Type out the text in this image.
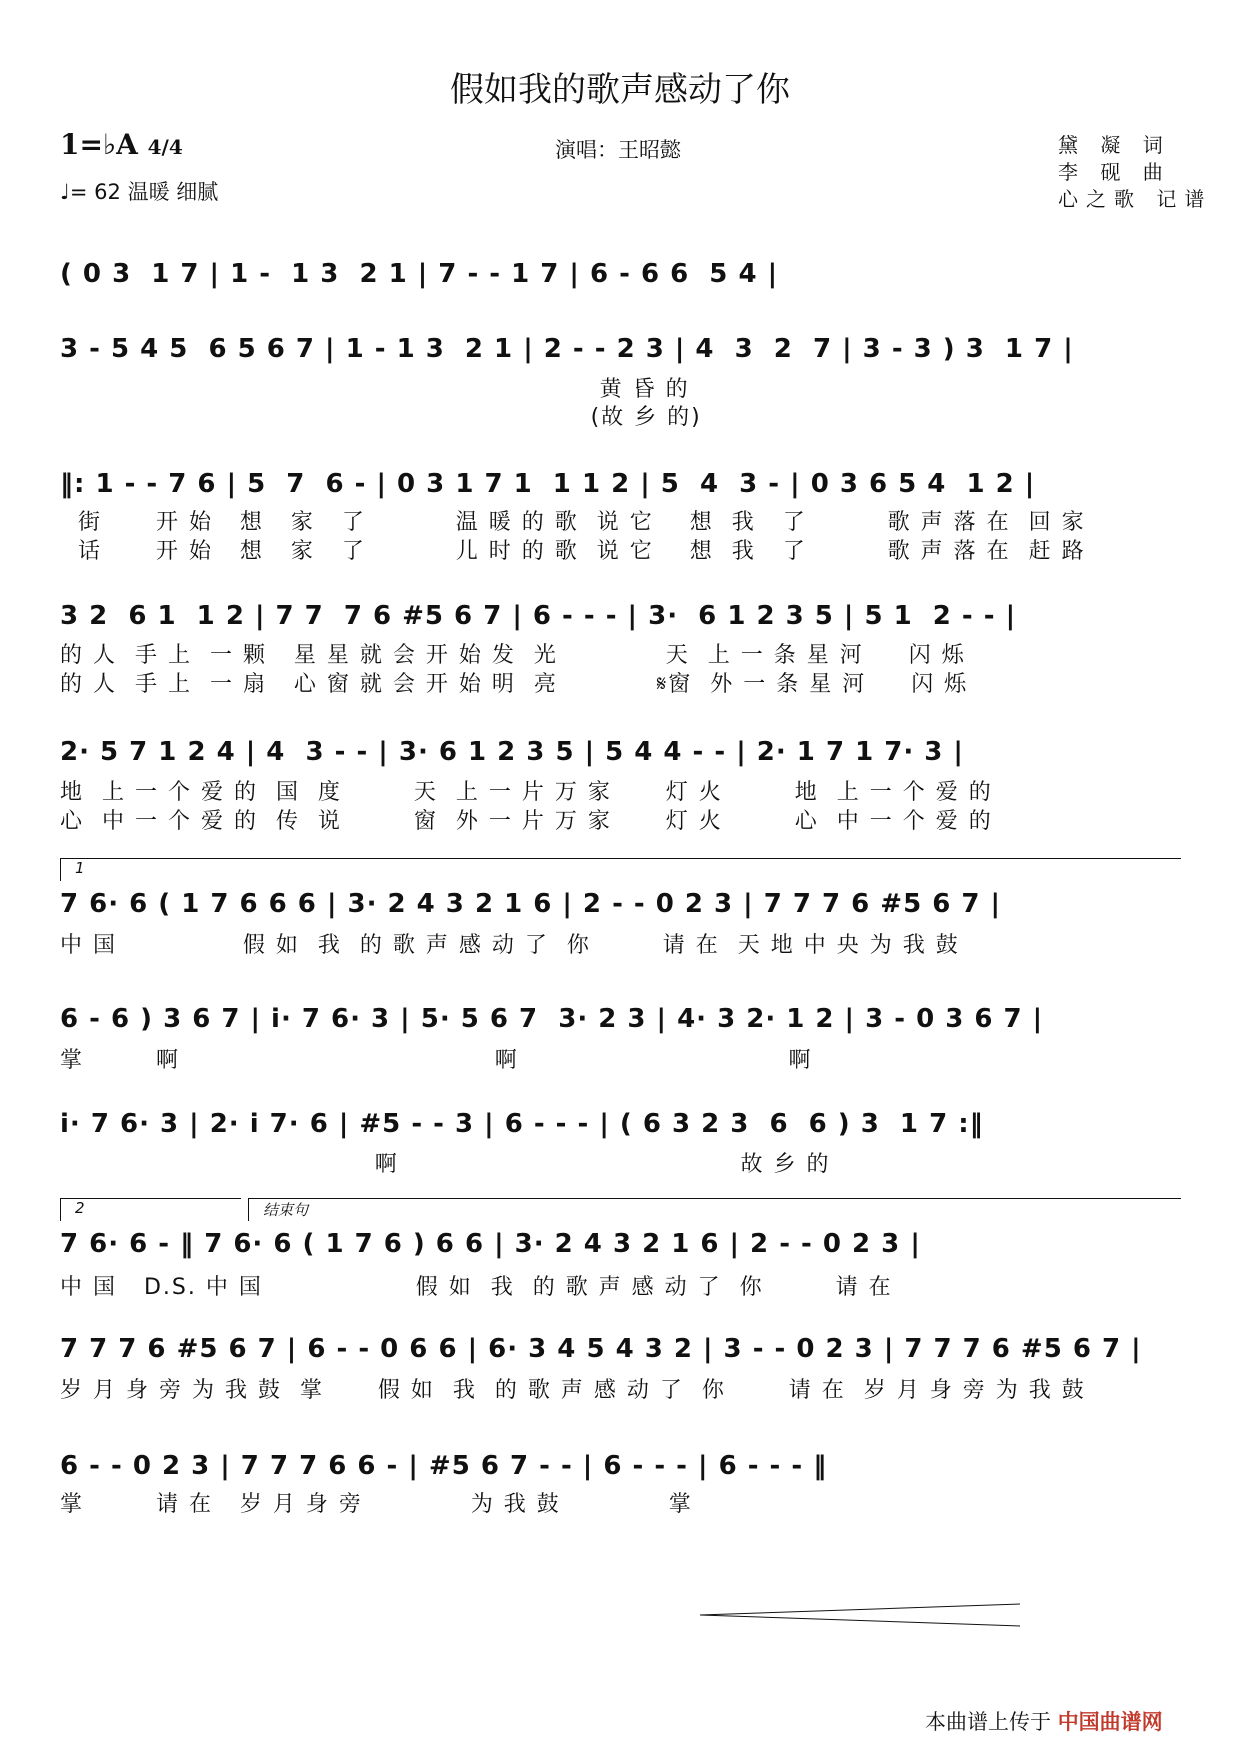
假如我的歌声感动了你
1=♭A 4/4
♩= 62 温暖 细腻
演唱：王昭懿	黛 凝 词
李 砚 曲
心之歌 记谱
( 0 3  1 7 | 1 -  1 3  2 1 | 7 - - 1 7 | 6 - 6 6  5 4 |
3 - 5 4 5  6 5 6 7 | 1 - 1 3  2 1 | 2 - - 2 3 | 4  3  2  7 | 3 - 3 ) 3  1 7 |
黄 昏 的
(故 乡 的)
‖: 1 - - 7 6 | 5  7  6 - | 0 3 1 7 1  1 1 2 | 5  4  3 - | 0 3 6 5 4  1 2 |
街      开 始   想   家   了          温 暖 的 歌  说 它    想  我   了         歌 声 落 在  回 家
话      开 始   想   家   了          儿 时 的 歌  说 它    想  我   了         歌 声 落 在  赶 路
3 2  6 1  1 2 | 7 7  7 6 #5 6 7 | 6 - - - | 3·  6 1 2 3 5 | 5 1  2 - - |
的 人  手 上  一 颗   星 星 就 会 开 始 发  光            天  上 一 条 星 河     闪 烁
的 人  手 上  一 扇   心 窗 就 会 开 始 明  亮           𝄋窗  外 一 条 星 河     闪 烁
2· 5 7 1 2 4 | 4  3 - - | 3· 6 1 2 3 5 | 5 4 4 - - | 2· 1 7 1 7· 3 |
地  上 一 个 爱 的  国  度        天  上 一 片 万 家      灯 火        地  上 一 个 爱 的
心  中 一 个 爱 的  传  说        窗  外 一 片 万 家      灯 火        心  中 一 个 爱 的
1
7 6· 6 ( 1 7 6 6 6 | 3· 2 4 3 2 1 6 | 2 - - 0 2 3 | 7 7 7 6 #5 6 7 |
中 国              假 如  我  的 歌 声 感 动 了  你        请 在  天 地 中 央 为 我 鼓
6 - 6 ) 3 6 7 | i· 7 6· 3 | 5· 5 6 7  3· 2 3 | 4· 3 2· 1 2 | 3 - 0 3 6 7 |
掌        啊                                   啊                              啊
i· 7 6· 3 | 2· i 7· 6 | #5 - - 3 | 6 - - - | ( 6 3 2 3  6  6 ) 3  1 7 :‖
啊                                      故 乡 的
2	结束句
7 6· 6 - ‖ 7 6· 6 ( 1 7 6 ) 6 6 | 3· 2 4 3 2 1 6 | 2 - - 0 2 3 |
中 国   D.S. 中 国                 假 如  我  的 歌 声 感 动 了  你        请 在
7 7 7 6 #5 6 7 | 6 - - 0 6 6 | 6· 3 4 5 4 3 2 | 3 - - 0 2 3 | 7 7 7 6 #5 6 7 |
岁 月 身 旁 为 我 鼓  掌      假 如  我  的 歌 声 感 动 了  你       请 在  岁 月 身 旁 为 我 鼓
6 - - 0 2 3 | 7 7 7 6 6 - | #5 6 7 - - | 6 - - - | 6 - - - ‖
掌        请 在   岁 月 身 旁            为 我 鼓            掌
本曲谱上传于 中国曲谱网
